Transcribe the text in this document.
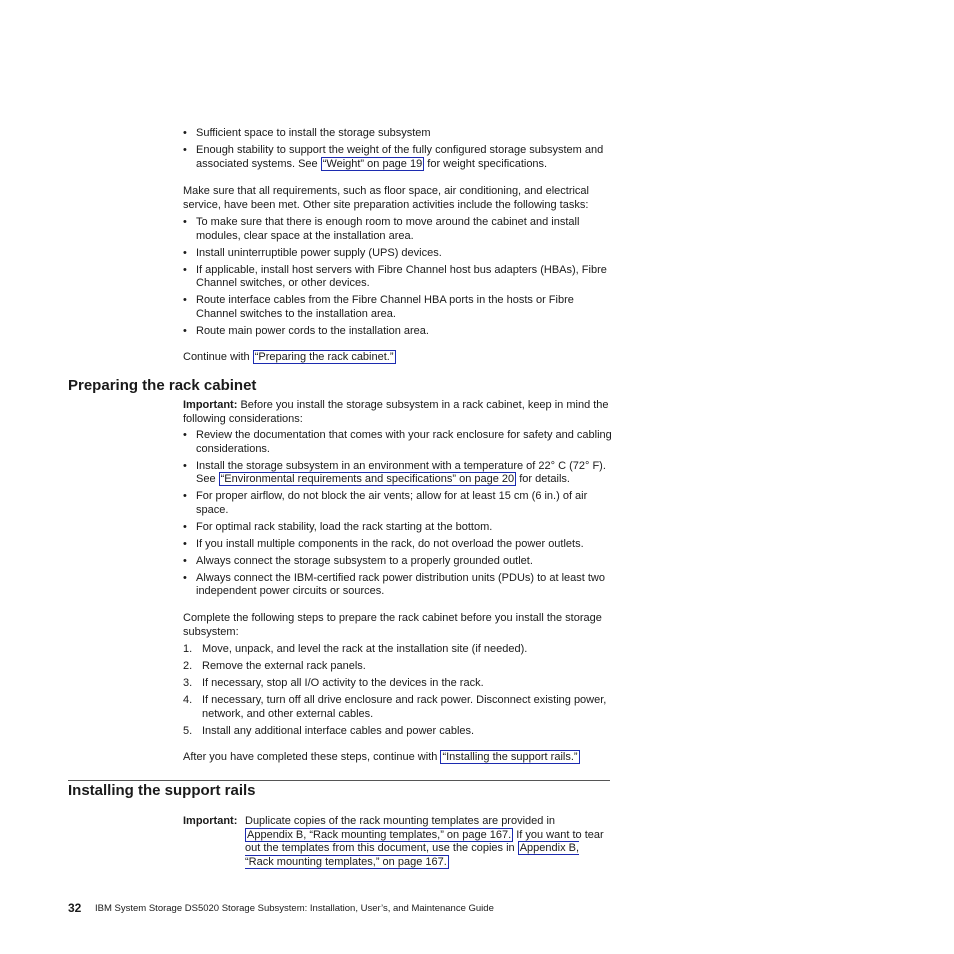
• Sufficient space to install the storage subsystem
• Enough stability to support the weight of the fully configured storage subsystem and associated systems. See “Weight” on page 19 for weight specifications.
Make sure that all requirements, such as floor space, air conditioning, and electrical service, have been met. Other site preparation activities include the following tasks:
• To make sure that there is enough room to move around the cabinet and install modules, clear space at the installation area.
• Install uninterruptible power supply (UPS) devices.
• If applicable, install host servers with Fibre Channel host bus adapters (HBAs), Fibre Channel switches, or other devices.
• Route interface cables from the Fibre Channel HBA ports in the hosts or Fibre Channel switches to the installation area.
• Route main power cords to the installation area.
Continue with “Preparing the rack cabinet.”
Preparing the rack cabinet
Important: Before you install the storage subsystem in a rack cabinet, keep in mind the following considerations:
• Review the documentation that comes with your rack enclosure for safety and cabling considerations.
• Install the storage subsystem in an environment with a temperature of 22° C (72° F). See “Environmental requirements and specifications” on page 20 for details.
• For proper airflow, do not block the air vents; allow for at least 15 cm (6 in.) of air space.
• For optimal rack stability, load the rack starting at the bottom.
• If you install multiple components in the rack, do not overload the power outlets.
• Always connect the storage subsystem to a properly grounded outlet.
• Always connect the IBM-certified rack power distribution units (PDUs) to at least two independent power circuits or sources.
Complete the following steps to prepare the rack cabinet before you install the storage subsystem:
1. Move, unpack, and level the rack at the installation site (if needed).
2. Remove the external rack panels.
3. If necessary, stop all I/O activity to the devices in the rack.
4. If necessary, turn off all drive enclosure and rack power. Disconnect existing power, network, and other external cables.
5. Install any additional interface cables and power cables.
After you have completed these steps, continue with “Installing the support rails.”
Installing the support rails
Important: Duplicate copies of the rack mounting templates are provided in Appendix B, “Rack mounting templates,” on page 167. If you want to tear out the templates from this document, use the copies in Appendix B, “Rack mounting templates,” on page 167.
32 IBM System Storage DS5020 Storage Subsystem: Installation, User’s, and Maintenance Guide
